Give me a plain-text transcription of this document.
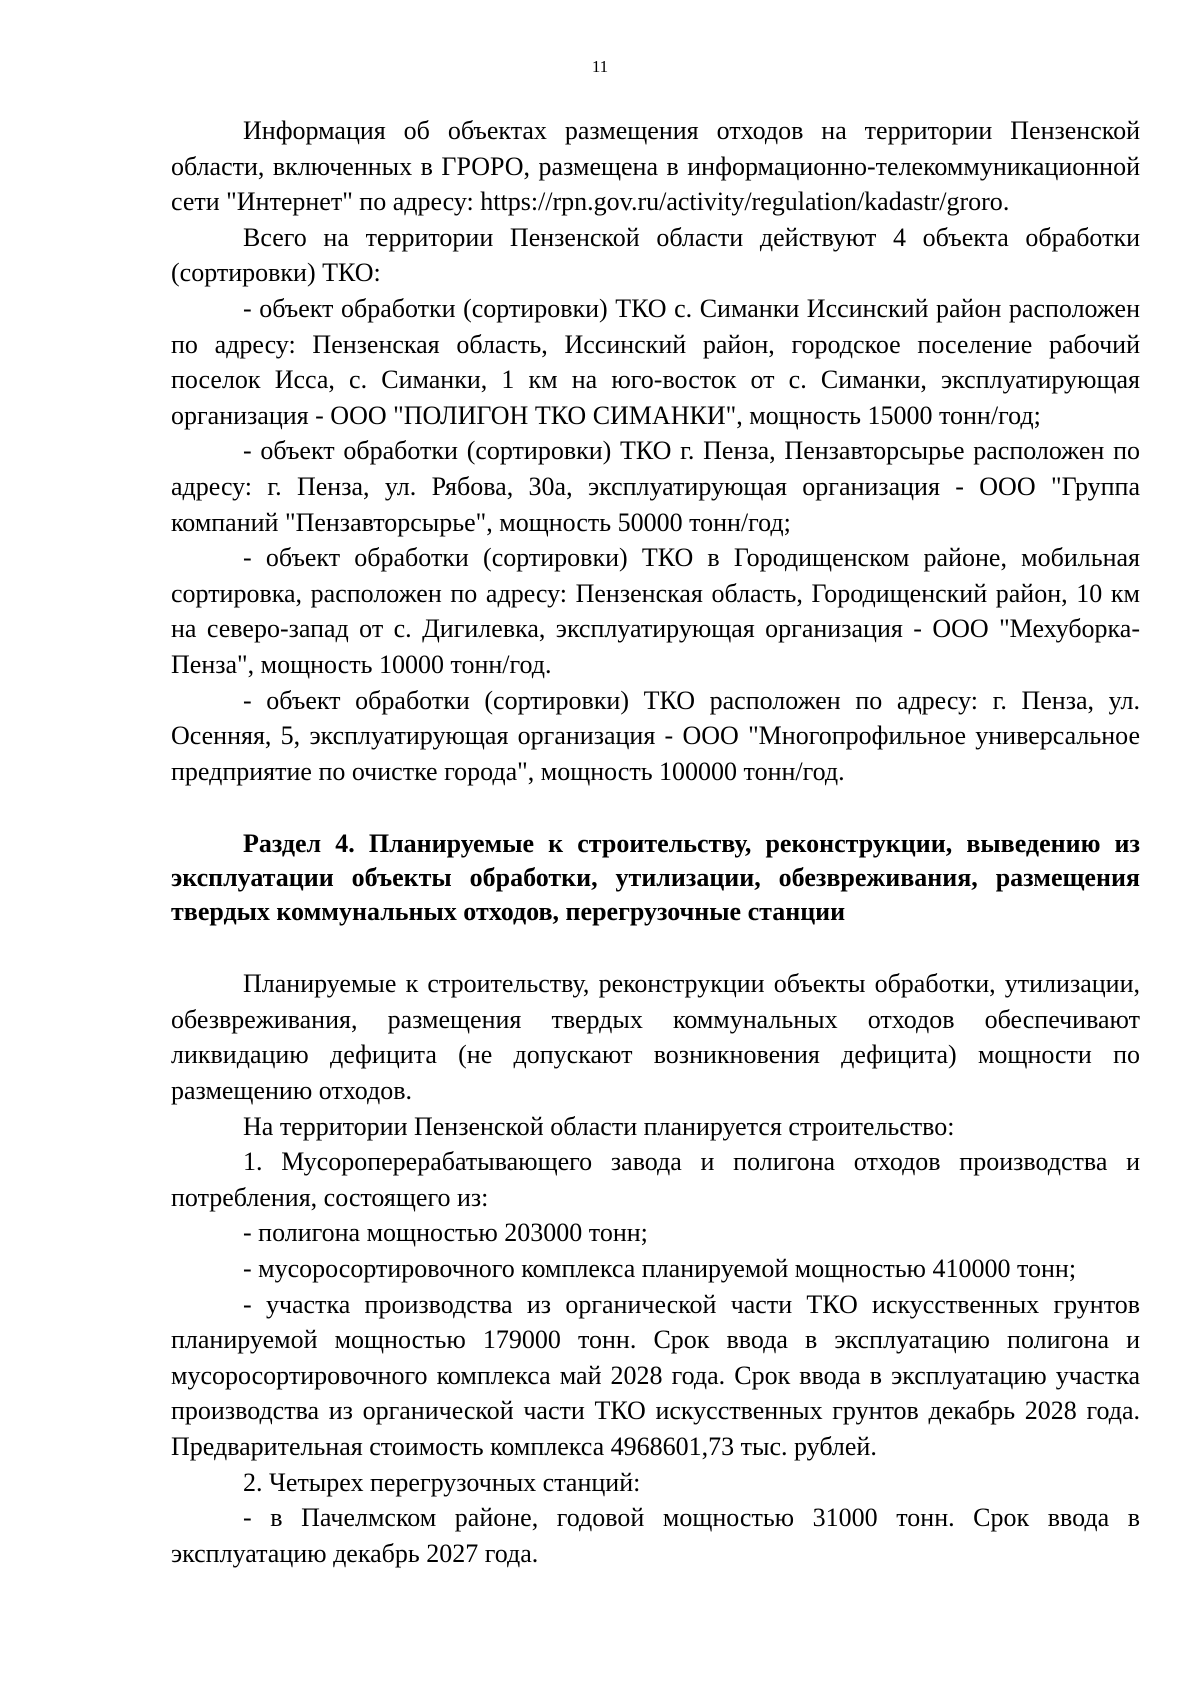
11

Информация об объектах размещения отходов на территории Пензенской области, включенных в ГРОРО, размещена в информационно-телекоммуникационной сети "Интернет" по адресу: https://rpn.gov.ru/activity/regulation/kadastr/groro.

Всего на территории Пензенской области действуют 4 объекта обработки (сортировки) ТКО:

- объект обработки (сортировки) ТКО с. Симанки Иссинский район расположен по адресу: Пензенская область, Иссинский район, городское поселение рабочий поселок Исса, с. Симанки, 1 км на юго-восток от с. Симанки, эксплуатирующая организация - ООО "ПОЛИГОН ТКО СИМАНКИ", мощность 15000 тонн/год;

- объект обработки (сортировки) ТКО г. Пенза, Пензавторсырье расположен по адресу: г. Пенза, ул. Рябова, 30а, эксплуатирующая организация - ООО "Группа компаний "Пензавторсырье", мощность 50000 тонн/год;

- объект обработки (сортировки) ТКО в Городищенском районе, мобильная сортировка, расположен по адресу: Пензенская область, Городищенский район, 10 км на северо-запад от с. Дигилевка, эксплуатирующая организация - ООО "Мехуборка-Пенза", мощность 10000 тонн/год.

- объект обработки (сортировки) ТКО расположен по адресу: г. Пенза, ул. Осенняя, 5, эксплуатирующая организация - ООО "Многопрофильное универсальное предприятие по очистке города", мощность 100000 тонн/год.

Раздел 4. Планируемые к строительству, реконструкции, выведению из эксплуатации объекты обработки, утилизации, обезвреживания, размещения твердых коммунальных отходов, перегрузочные станции

Планируемые к строительству, реконструкции объекты обработки, утилизации, обезвреживания, размещения твердых коммунальных отходов обеспечивают ликвидацию дефицита (не допускают возникновения дефицита) мощности по размещению отходов.

На территории Пензенской области планируется строительство:

1. Мусороперерабатывающего завода и полигона отходов производства и потребления, состоящего из:

- полигона мощностью 203000 тонн;

- мусоросортировочного комплекса планируемой мощностью 410000 тонн;

- участка производства из органической части ТКО искусственных грунтов планируемой мощностью 179000 тонн. Срок ввода в эксплуатацию полигона и мусоросортировочного комплекса май 2028 года. Срок ввода в эксплуатацию участка производства из органической части ТКО искусственных грунтов декабрь 2028 года. Предварительная стоимость комплекса 4968601,73 тыс. рублей.

2. Четырех перегрузочных станций:

- в Пачелмском районе, годовой мощностью 31000 тонн. Срок ввода в эксплуатацию декабрь 2027 года.
